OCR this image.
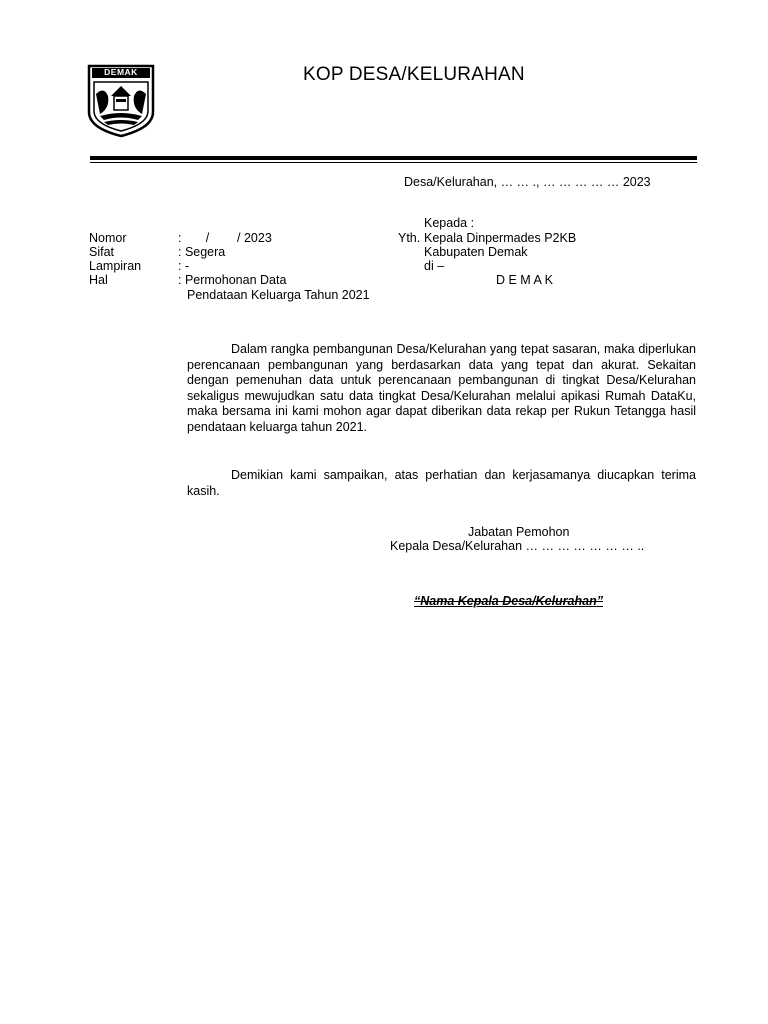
DEMAK	KOP DESA/KELURAHAN
Desa/Kelurahan, … … ., … … … … … 2023
Kepada :
Yth. Kepala Dinpermades P2KB
Kabupaten Demak
di –
D E M A K
Nomor	:       /        / 2023
Sifat	: Segera
Lampiran	: -
Hal	: Permohonan Data
Pendataan Keluarga Tahun 2021
Dalam rangka pembangunan Desa/Kelurahan yang tepat sasaran, maka diperlukan perencanaan pembangunan yang berdasarkan data yang tepat dan akurat. Sekaitan dengan pemenuhan data untuk perencanaan pembangunan di tingkat Desa/Kelurahan sekaligus mewujudkan satu data tingkat Desa/Kelurahan melalui apikasi Rumah DataKu, maka bersama ini kami mohon agar dapat diberikan data rekap per Rukun Tetangga hasil pendataan keluarga tahun 2021.
Demikian kami sampaikan, atas perhatian dan kerjasamanya diucapkan terima kasih.
Jabatan Pemohon
Kepala Desa/Kelurahan … … … … … … … ..
“Nama Kepala Desa/Kelurahan”
